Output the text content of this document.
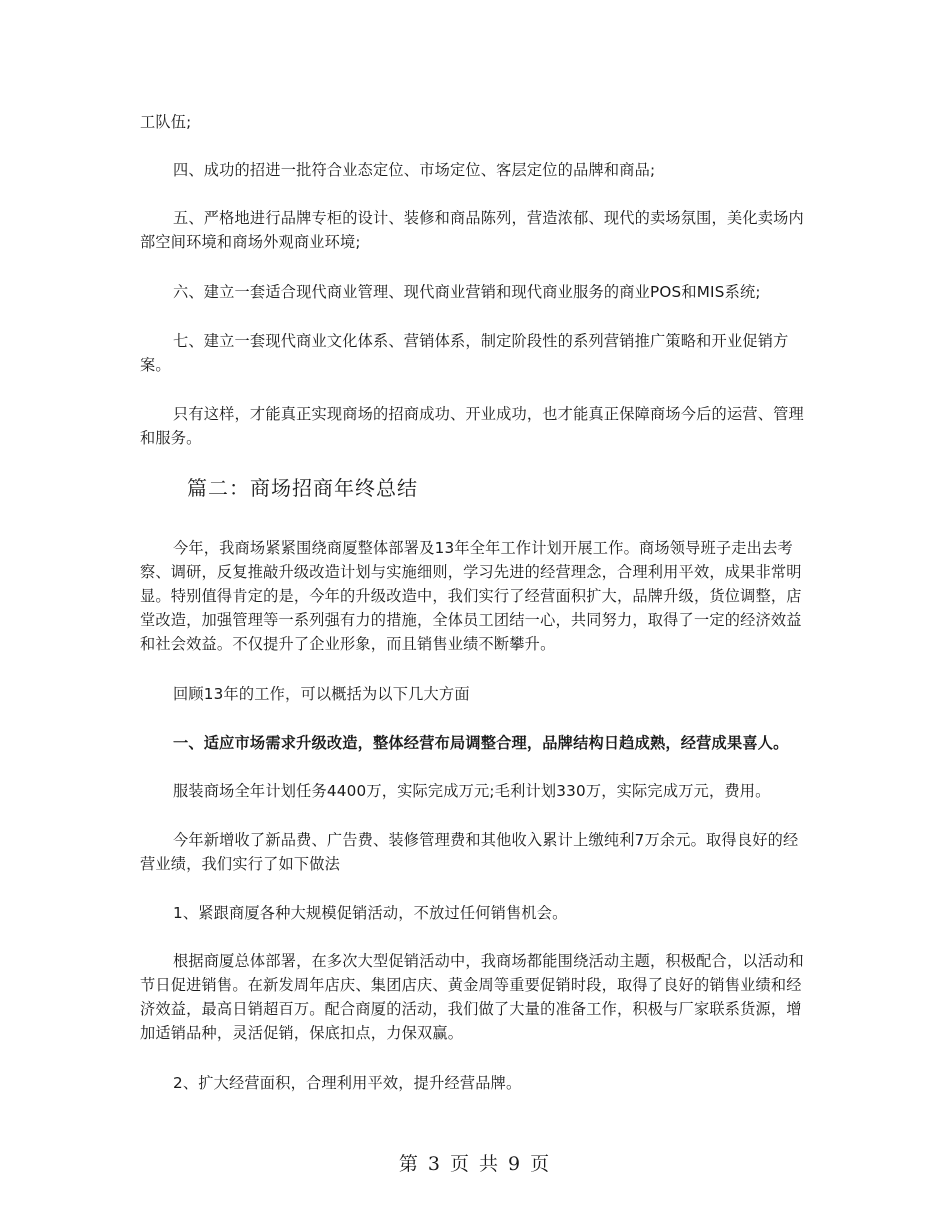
工队伍;

四、成功的招进一批符合业态定位、市场定位、客层定位的品牌和商品;

五、严格地进行品牌专柜的设计、装修和商品陈列，营造浓郁、现代的卖场氛围，美化卖场内部空间环境和商场外观商业环境;

六、建立一套适合现代商业管理、现代商业营销和现代商业服务的商业POS和MIS系统;

七、建立一套现代商业文化体系、营销体系，制定阶段性的系列营销推广策略和开业促销方案。

只有这样，才能真正实现商场的招商成功、开业成功，也才能真正保障商场今后的运营、管理和服务。

篇二：商场招商年终总结

今年，我商场紧紧围绕商厦整体部署及13年全年工作计划开展工作。商场领导班子走出去考察、调研，反复推敲升级改造计划与实施细则，学习先进的经营理念，合理利用平效，成果非常明显。特别值得肯定的是，今年的升级改造中，我们实行了经营面积扩大，品牌升级，货位调整，店堂改造，加强管理等一系列强有力的措施，全体员工团结一心，共同努力，取得了一定的经济效益和社会效益。不仅提升了企业形象，而且销售业绩不断攀升。

回顾13年的工作，可以概括为以下几大方面

一、适应市场需求升级改造，整体经营布局调整合理，品牌结构日趋成熟，经营成果喜人。

服装商场全年计划任务4400万，实际完成万元;毛利计划330万，实际完成万元，费用。

今年新增收了新品费、广告费、装修管理费和其他收入累计上缴纯利7万余元。取得良好的经营业绩，我们实行了如下做法

1、紧跟商厦各种大规模促销活动，不放过任何销售机会。

根据商厦总体部署，在多次大型促销活动中，我商场都能围绕活动主题，积极配合，以活动和节日促进销售。在新发周年店庆、集团店庆、黄金周等重要促销时段，取得了良好的销售业绩和经济效益，最高日销超百万。配合商厦的活动，我们做了大量的准备工作，积极与厂家联系货源，增加适销品种，灵活促销，保底扣点，力保双赢。

2、扩大经营面积，合理利用平效，提升经营品牌。

第 3 页 共 9 页
